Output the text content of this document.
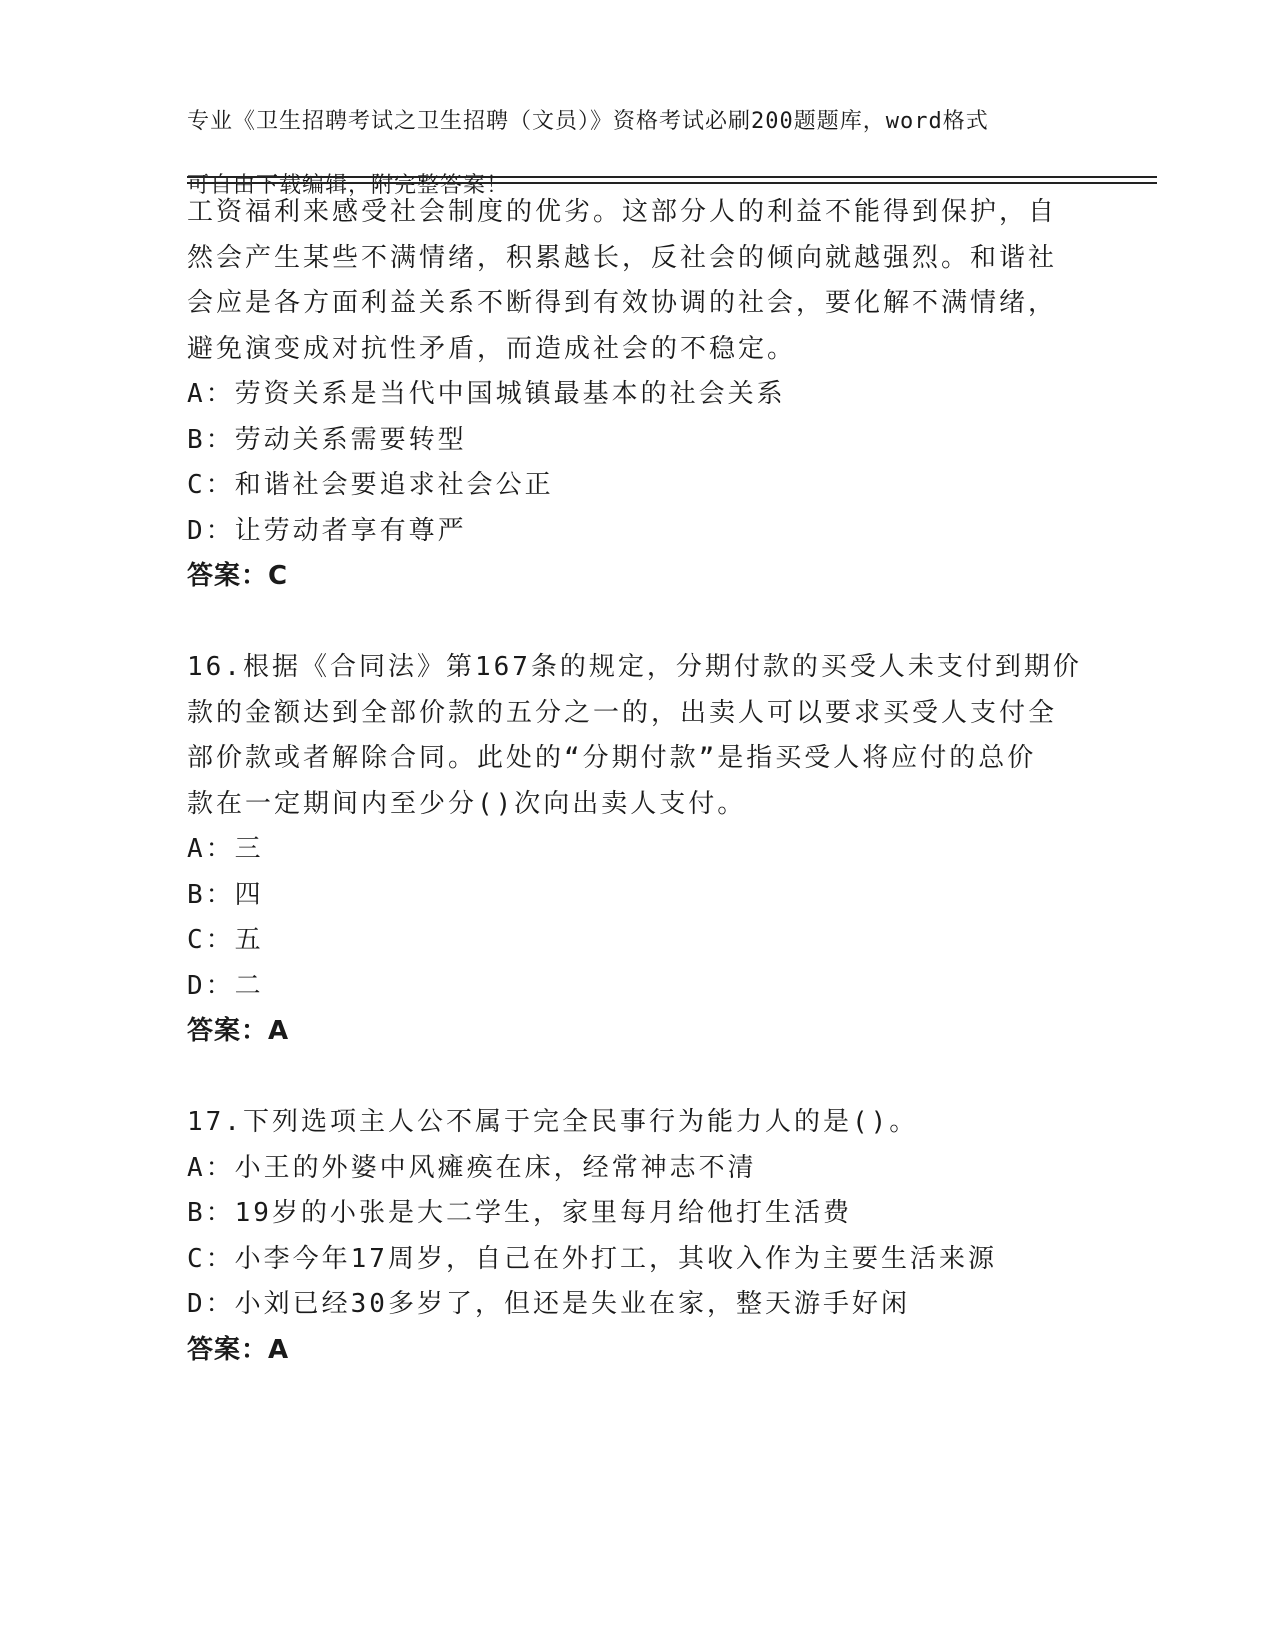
专业《卫生招聘考试之卫生招聘（文员）》资格考试必刷200题题库，word格式

可自由下载编辑，附完整答案！

工资福利来感受社会制度的优劣。这部分人的利益不能得到保护，自
然会产生某些不满情绪，积累越长，反社会的倾向就越强烈。和谐社
会应是各方面利益关系不断得到有效协调的社会，要化解不满情绪，
避免演变成对抗性矛盾，而造成社会的不稳定。
A：劳资关系是当代中国城镇最基本的社会关系
B：劳动关系需要转型
C：和谐社会要追求社会公正
D：让劳动者享有尊严
答案：C
16.根据《合同法》第167条的规定，分期付款的买受人未支付到期价
款的金额达到全部价款的五分之一的，出卖人可以要求买受人支付全
部价款或者解除合同。此处的“分期付款”是指买受人将应付的总价
款在一定期间内至少分()次向出卖人支付。
A：三
B：四
C：五
D：二
答案：A
17.下列选项主人公不属于完全民事行为能力人的是()。
A：小王的外婆中风瘫痪在床，经常神志不清
B：19岁的小张是大二学生，家里每月给他打生活费
C：小李今年17周岁，自己在外打工，其收入作为主要生活来源
D：小刘已经30多岁了，但还是失业在家，整天游手好闲
答案：A
